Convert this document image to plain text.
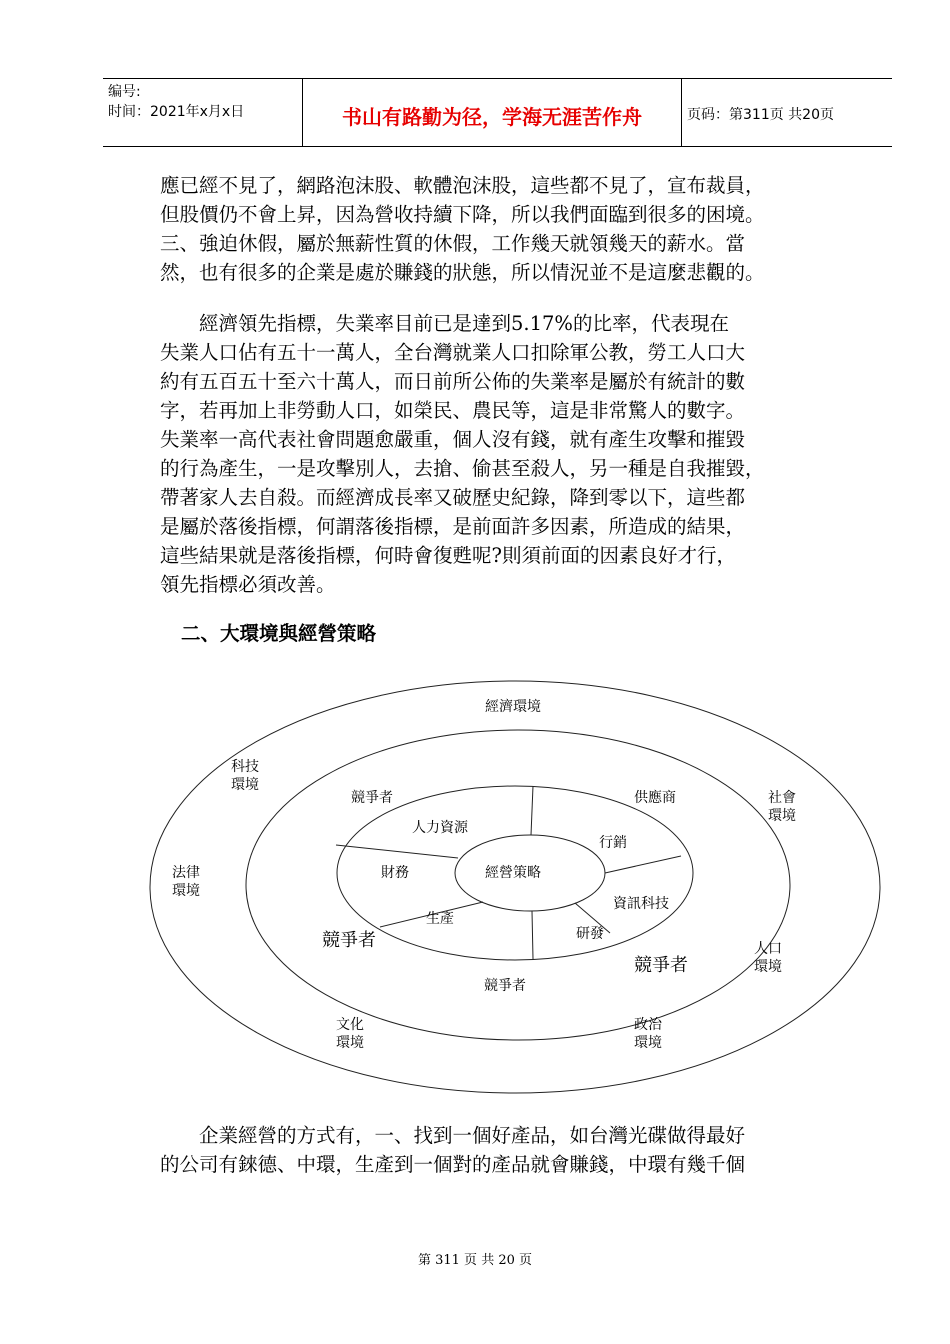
编号:
时间：2021年x月x日	书山有路勤为径，学海无涯苦作舟	页码：第311页 共20页
應已經不見了，網路泡沫股、軟體泡沫股，這些都不見了，宣布裁員，
但股價仍不會上昇，因為營收持續下降，所以我們面臨到很多的困境。
三、強迫休假，屬於無薪性質的休假，工作幾天就領幾天的薪水。當
然，也有很多的企業是處於賺錢的狀態，所以情況並不是這麼悲觀的。
　　經濟領先指標，失業率目前已是達到5.17%的比率，代表現在
失業人口佔有五十一萬人，全台灣就業人口扣除軍公教，勞工人口大
約有五百五十至六十萬人，而日前所公佈的失業率是屬於有統計的數
字，若再加上非勞動人口，如榮民、農民等，這是非常驚人的數字。
失業率一高代表社會問題愈嚴重，個人沒有錢，就有產生攻擊和摧毀
的行為產生，一是攻擊別人，去搶、偷甚至殺人，另一種是自我摧毀，
帶著家人去自殺。而經濟成長率又破歷史紀錄，降到零以下，這些都
是屬於落後指標，何謂落後指標，是前面許多因素，所造成的結果，
這些結果就是落後指標，何時會復甦呢?則須前面的因素良好才行，
領先指標必須改善。
二、大環境與經營策略
經濟環境
科技
環境
社會
環境
法律
環境
人口
環境
文化
環境
政治
環境
競爭者	供應商
競爭者
競爭者
競爭者
人力資源
行銷
財務	經營策略
資訊科技
生產
研發
　　企業經營的方式有，一、找到一個好產品，如台灣光碟做得最好
的公司有錸德、中環，生產到一個對的產品就會賺錢，中環有幾千個
第 311 页 共 20 页
